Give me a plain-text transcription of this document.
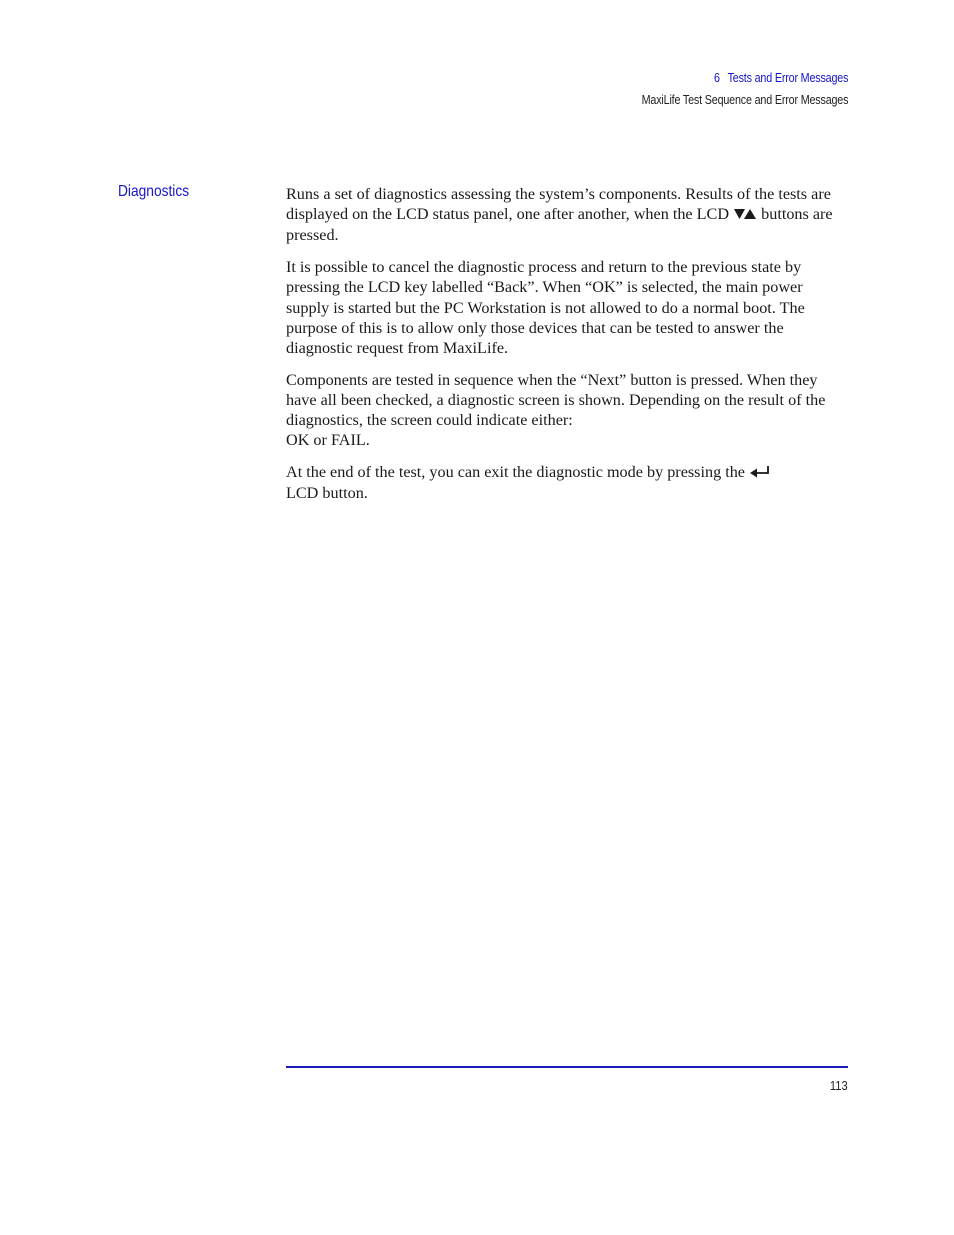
6 Tests and Error Messages
MaxiLife Test Sequence and Error Messages
Diagnostics	Runs a set of diagnostics assessing the system’s components. Results of the tests are displayed on the LCD status panel, one after another, when the LCD buttons are pressed.

It is possible to cancel the diagnostic process and return to the previous state by pressing the LCD key labelled “Back”. When “OK” is selected, the main power supply is started but the PC Workstation is not allowed to do a normal boot. The purpose of this is to allow only those devices that can be tested to answer the diagnostic request from MaxiLife.

Components are tested in sequence when the “Next” button is pressed. When they have all been checked, a diagnostic screen is shown. Depending on the result of the diagnostics, the screen could indicate either:
OK or FAIL.

At the end of the test, you can exit the diagnostic mode by pressing the
LCD button.

113
